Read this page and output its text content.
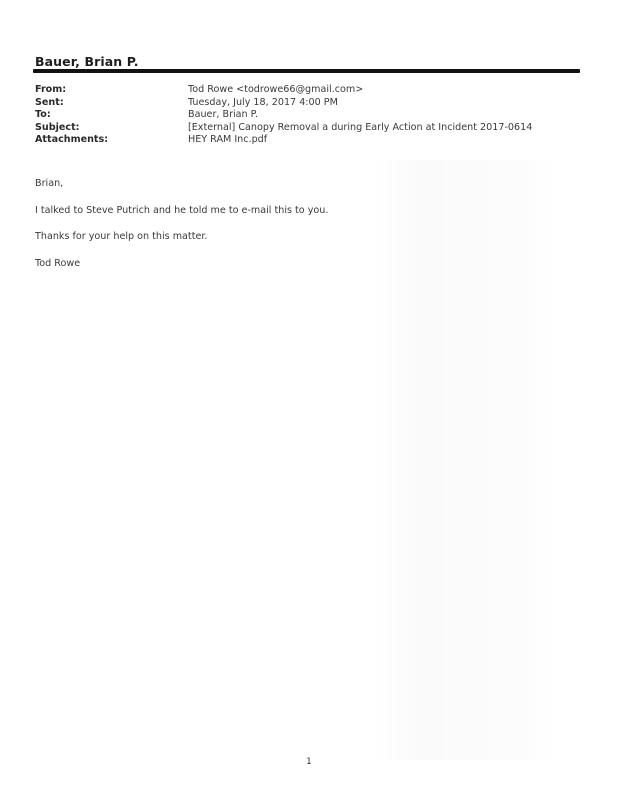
Bauer, Brian P.
From:	Tod Rowe <todrowe66@gmail.com>
Sent:	Tuesday, July 18, 2017 4:00 PM
To:	Bauer, Brian P.
Subject:	[External] Canopy Removal a during Early Action at Incident 2017-0614
Attachments:	HEY RAM Inc.pdf
Brian,
I talked to Steve Putrich and he told me to e-mail this to you.
Thanks for your help on this matter.
Tod Rowe
1
